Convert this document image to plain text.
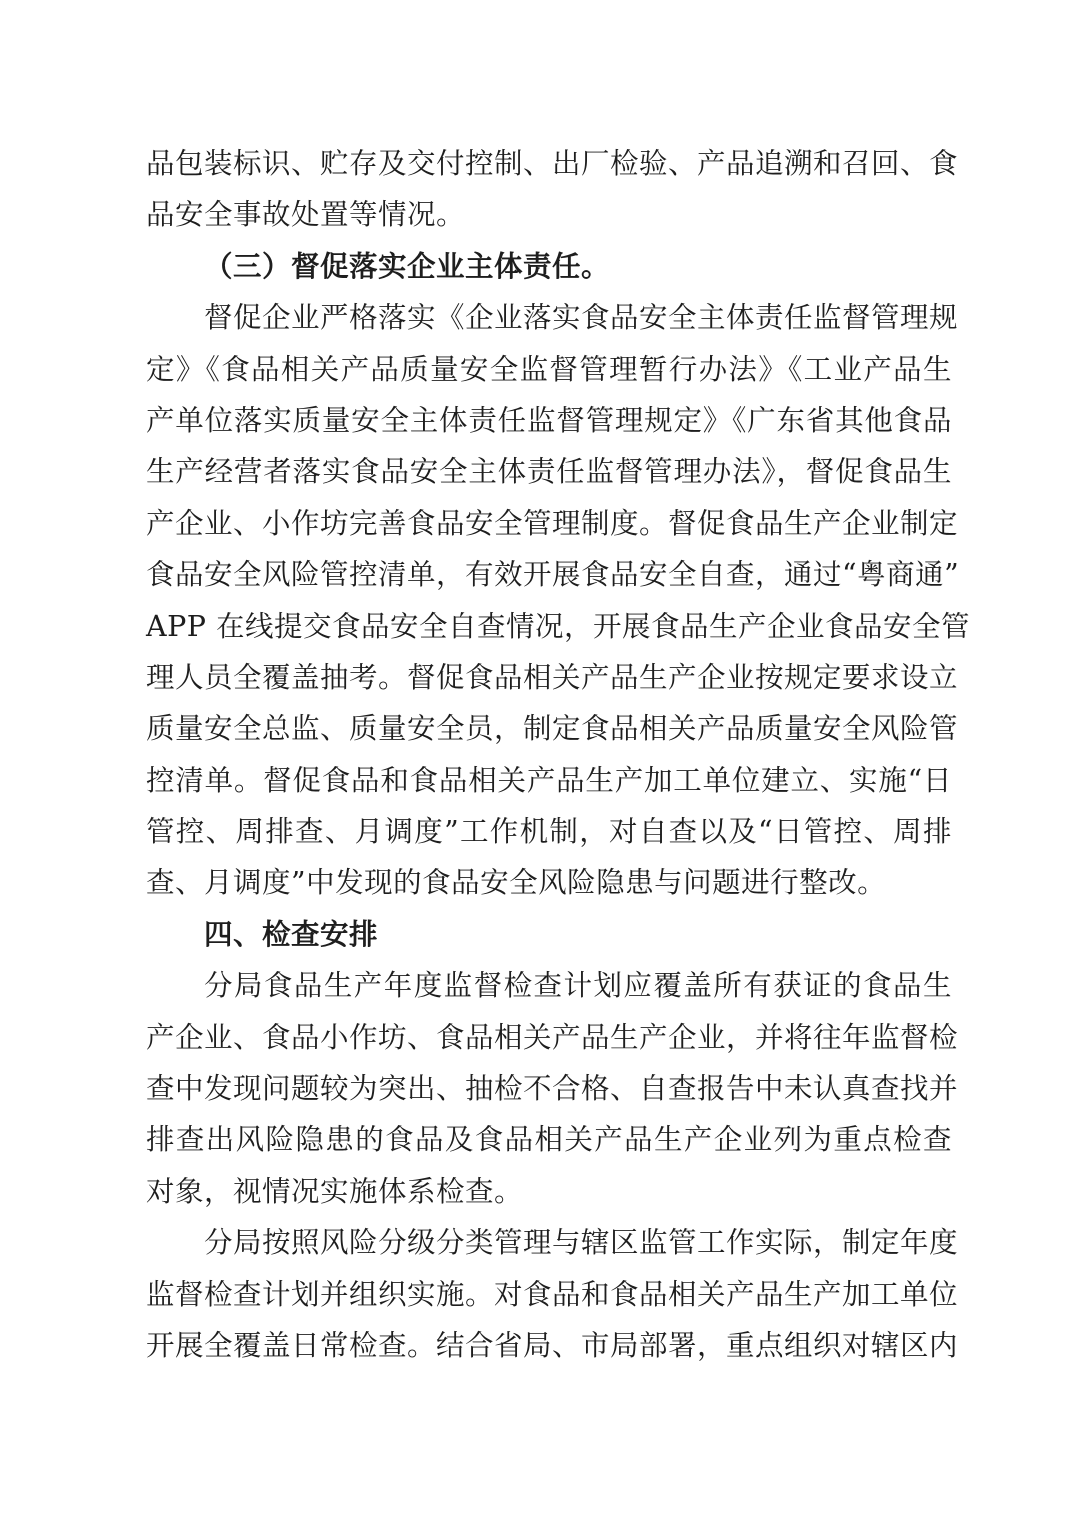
品包装标识、贮存及交付控制、出厂检验、产品追溯和召回、食
品安全事故处置等情况。
（三）督促落实企业主体责任。
督促企业严格落实《企业落实食品安全主体责任监督管理规
定》《食品相关产品质量安全监督管理暂行办法》《工业产品生
产单位落实质量安全主体责任监督管理规定》《广东省其他食品
生产经营者落实食品安全主体责任监督管理办法》，督促食品生
产企业、小作坊完善食品安全管理制度。督促食品生产企业制定
食品安全风险管控清单，有效开展食品安全自查，通过“粤商通”
APP 在线提交食品安全自查情况，开展食品生产企业食品安全管
理人员全覆盖抽考。督促食品相关产品生产企业按规定要求设立
质量安全总监、质量安全员，制定食品相关产品质量安全风险管
控清单。督促食品和食品相关产品生产加工单位建立、实施“日
管控、周排查、月调度”工作机制，对自查以及“日管控、周排
查、月调度”中发现的食品安全风险隐患与问题进行整改。
四、检查安排
分局食品生产年度监督检查计划应覆盖所有获证的食品生
产企业、食品小作坊、食品相关产品生产企业，并将往年监督检
查中发现问题较为突出、抽检不合格、自查报告中未认真查找并
排查出风险隐患的食品及食品相关产品生产企业列为重点检查
对象，视情况实施体系检查。
分局按照风险分级分类管理与辖区监管工作实际，制定年度
监督检查计划并组织实施。对食品和食品相关产品生产加工单位
开展全覆盖日常检查。结合省局、市局部署，重点组织对辖区内
